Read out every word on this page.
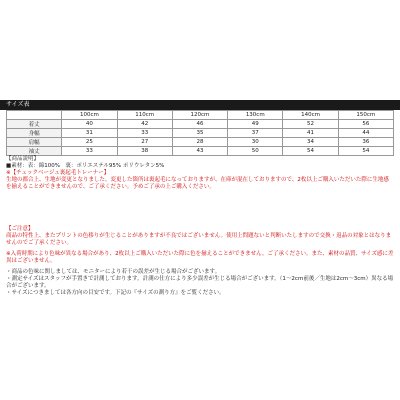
サイズ表
	100cm	110cm	120cm	130cm	140cm	150cm
着丈	40	42	46	49	52	56
身幅	31	33	35	37	41	44
肩幅	25	27	28	30	34	36
袖丈	33	38	43	50	54	54
【商品説明】
■素材：表：綿100%　裏：ポリエステル95% ポリウレタン5%
※【チェックベージュ裏起毛トレーナー】
生地の都合上、生地が変更となりました。変更した箇所は裏起毛になっておりますが、在庫が混在しておりますので、2枚以上ご購入いただいた際に生地感を揃えることができませんので、ご了承ください。予めご了承の上ご購入ください。
【ご注意】
商品の特性上、またプリントの色移りが生じることがありますが不良ではございません。使用上問題ないと判断いたしますので交換・返品の対象とはなりませんのでご了承ください。
※入荷時期により色味が異なる場合があり、2枚以上ご購入いただいた際に色を揃えることができません。ご了承ください。また、素材の品質、サイズ感に差異はございません。
・商品の色味に関しましては、モニターにより若干の誤差が生じる場合がございます。
・測定サイズはスタッフが手置きで計測しております。計測の仕方により多少誤差が生じる場合がございます。（1〜2cm前後／生地は2cm〜3cm）異なる場合がございます。
・サイズにつきましては各方向の目安です。下記の『サイズの測り方』をご覧ください。
